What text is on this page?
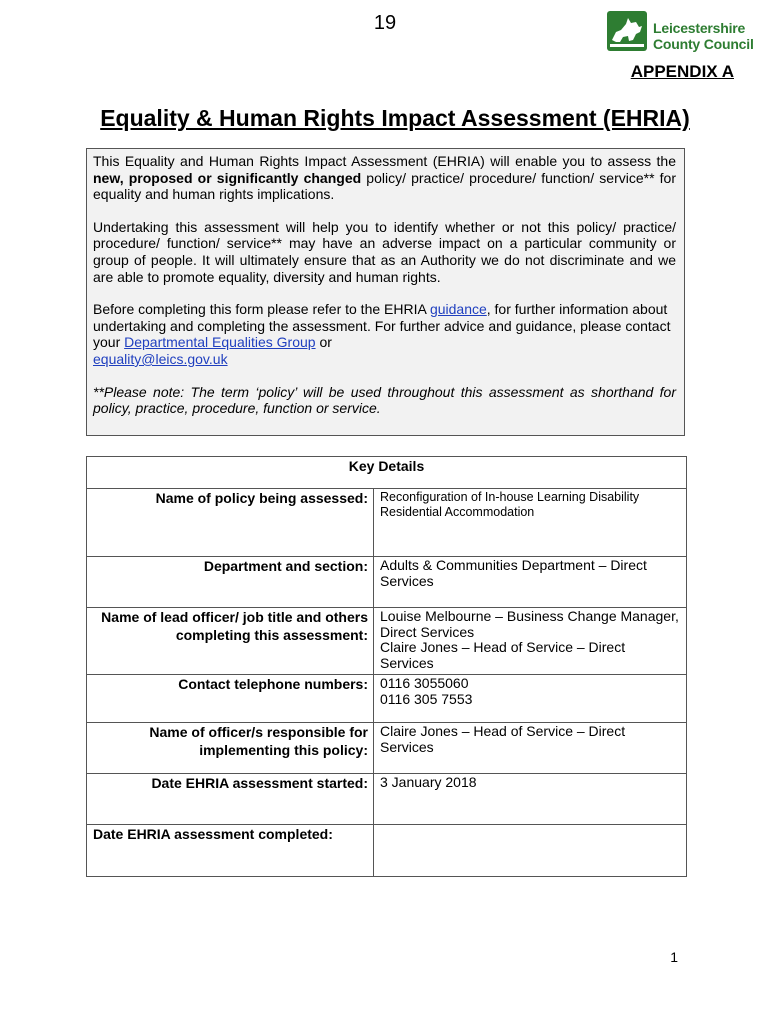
19	Leicestershire
County Council
APPENDIX A
Equality & Human Rights Impact Assessment (EHRIA)

This Equality and Human Rights Impact Assessment (EHRIA) will enable you to assess the new, proposed or significantly changed policy/ practice/ procedure/ function/ service** for equality and human rights implications.

Undertaking this assessment will help you to identify whether or not this policy/ practice/ procedure/ function/ service** may have an adverse impact on a particular community or group of people. It will ultimately ensure that as an Authority we do not discriminate and we are able to promote equality, diversity and human rights.

Before completing this form please refer to the EHRIA guidance, for further information about undertaking and completing the assessment. For further advice and guidance, please contact your Departmental Equalities Group or
equality@leics.gov.uk

**Please note: The term ‘policy’ will be used throughout this assessment as shorthand for policy, practice, procedure, function or service.

Key Details	
Name of policy being assessed:	Reconfiguration of In-house Learning Disability Residential Accommodation
Department and section:	Adults & Communities Department – Direct Services
Name of lead officer/ job title and others completing this assessment:	Louise Melbourne – Business Change Manager, Direct Services
Claire Jones – Head of Service – Direct Services

Contact telephone numbers:	0116 3055060
0116 305 7553

Name of officer/s responsible for implementing this policy:	Claire Jones – Head of Service – Direct Services
Date EHRIA assessment started:	3 January 2018
Date EHRIA assessment completed:	
1
